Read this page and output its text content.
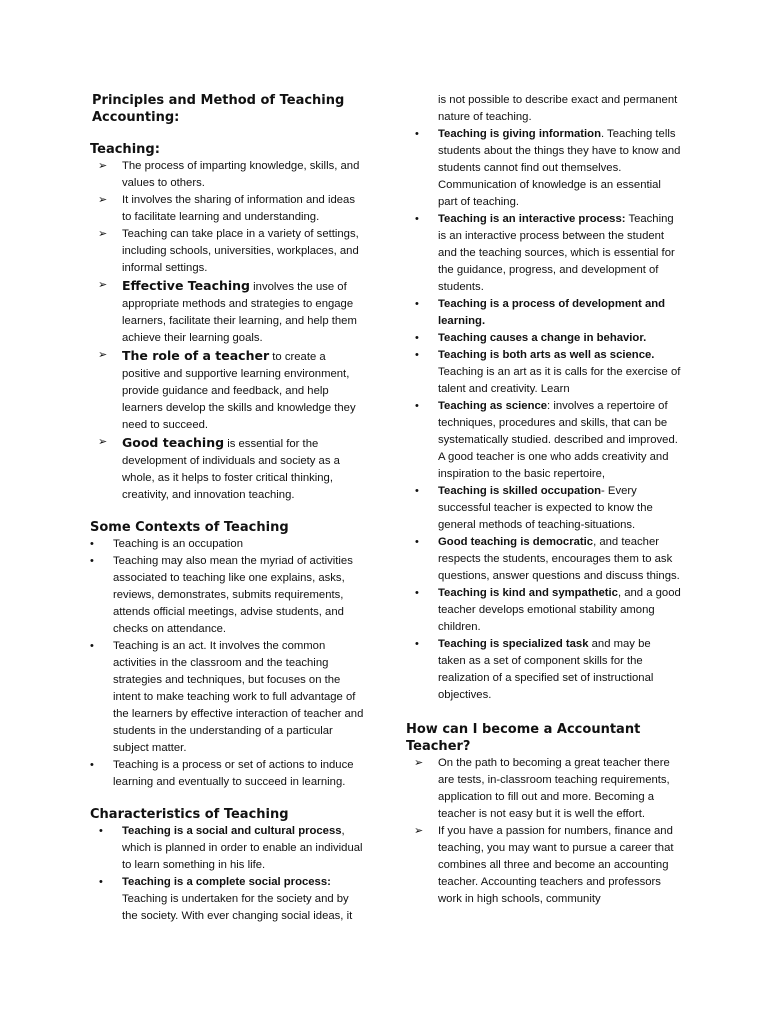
Principles and Method of Teaching
Accounting:
Teaching:
➢ The process of imparting knowledge, skills, and values to others.
➢ It involves the sharing of information and ideas to facilitate learning and understanding.
➢ Teaching can take place in a variety of settings, including schools, universities, workplaces, and informal settings.
➢ Effective Teaching involves the use of appropriate methods and strategies to engage learners, facilitate their learning, and help them achieve their learning goals.
➢ The role of a teacher to create a positive and supportive learning environment, provide guidance and feedback, and help learners develop the skills and knowledge they need to succeed.
➢ Good teaching is essential for the development of individuals and society as a whole, as it helps to foster critical thinking, creativity, and innovation teaching.
Some Contexts of Teaching
• Teaching is an occupation
• Teaching may also mean the myriad of activities associated to teaching like one explains, asks, reviews, demonstrates, submits requirements, attends official meetings, advise students, and checks on attendance.
• Teaching is an act. It involves the common activities in the classroom and the teaching strategies and techniques, but focuses on the intent to make teaching work to full advantage of the learners by effective interaction of teacher and students in the understanding of a particular subject matter.
• Teaching is a process or set of actions to induce learning and eventually to succeed in learning.
Characteristics of Teaching
• Teaching is a social and cultural process, which is planned in order to enable an individual to learn something in his life.
• Teaching is a complete social process: Teaching is undertaken for the society and by the society. With ever changing social ideas, it
is not possible to describe exact and permanent nature of teaching.
• Teaching is giving information. Teaching tells students about the things they have to know and students cannot find out themselves. Communication of knowledge is an essential part of teaching.
• Teaching is an interactive process: Teaching is an interactive process between the student and the teaching sources, which is essential for the guidance, progress, and development of students.
• Teaching is a process of development and learning.
• Teaching causes a change in behavior.
• Teaching is both arts as well as science. Teaching is an art as it is calls for the exercise of talent and creativity. Learn
• Teaching as science: involves a repertoire of techniques, procedures and skills, that can be systematically studied. described and improved. A good teacher is one who adds creativity and inspiration to the basic repertoire,
• Teaching is skilled occupation- Every successful teacher is expected to know the general methods of teaching-situations.
• Good teaching is democratic, and teacher respects the students, encourages them to ask questions, answer questions and discuss things.
• Teaching is kind and sympathetic, and a good teacher develops emotional stability among children.
• Teaching is specialized task and may be taken as a set of component skills for the realization of a specified set of instructional objectives.
How can I become a Accountant
Teacher?
➢ On the path to becoming a great teacher there are tests, in-classroom teaching requirements, application to fill out and more. Becoming a teacher is not easy but it is well the effort.
➢ If you have a passion for numbers, finance and teaching, you may want to pursue a career that combines all three and become an accounting teacher. Accounting teachers and professors work in high schools, community
